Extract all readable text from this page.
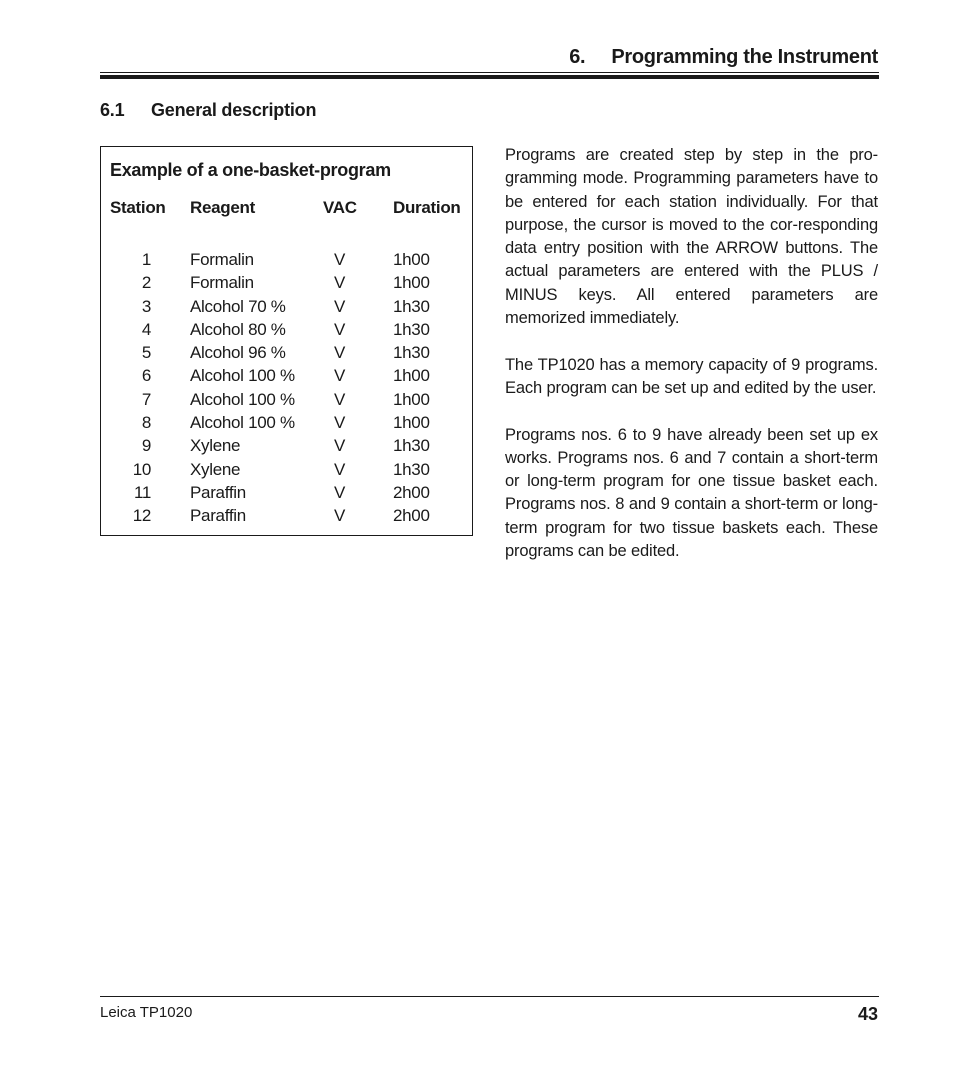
6. Programming the Instrument
6.1 General description
Example of a one-basket-program
Station Reagent	VAC Duration
1 Formalin	V	1h00
2 Formalin	V	1h00
3 Alcohol 70 %	V	1h30
4 Alcohol 80 %	V	1h30
5 Alcohol 96 %	V	1h30
6 Alcohol 100 % V	1h00
7 Alcohol 100 % V	1h00
8 Alcohol 100 % V	1h00
9 Xylene	V	1h30
10 Xylene	V	1h30
11 Paraffin	V	2h00
12 Paraffin	V	2h00

Programs are created step by step in the pro-gramming mode. Programming parameters have to be entered for each station individually. For that purpose, the cursor is moved to the cor-responding data entry position with the ARROW buttons. The actual parameters are entered with the PLUS / MINUS keys. All entered parameters are memorized immediately.

The TP1020 has a memory capacity of 9 programs. Each program can be set up and edited by the user.

Programs nos. 6 to 9 have already been set up ex works. Programs nos. 6 and 7 contain a short-term or long-term program for one tissue basket each. Programs nos. 8 and 9 contain a short-term or long-term program for two tissue baskets each. These programs can be edited.

Leica TP1020	43
